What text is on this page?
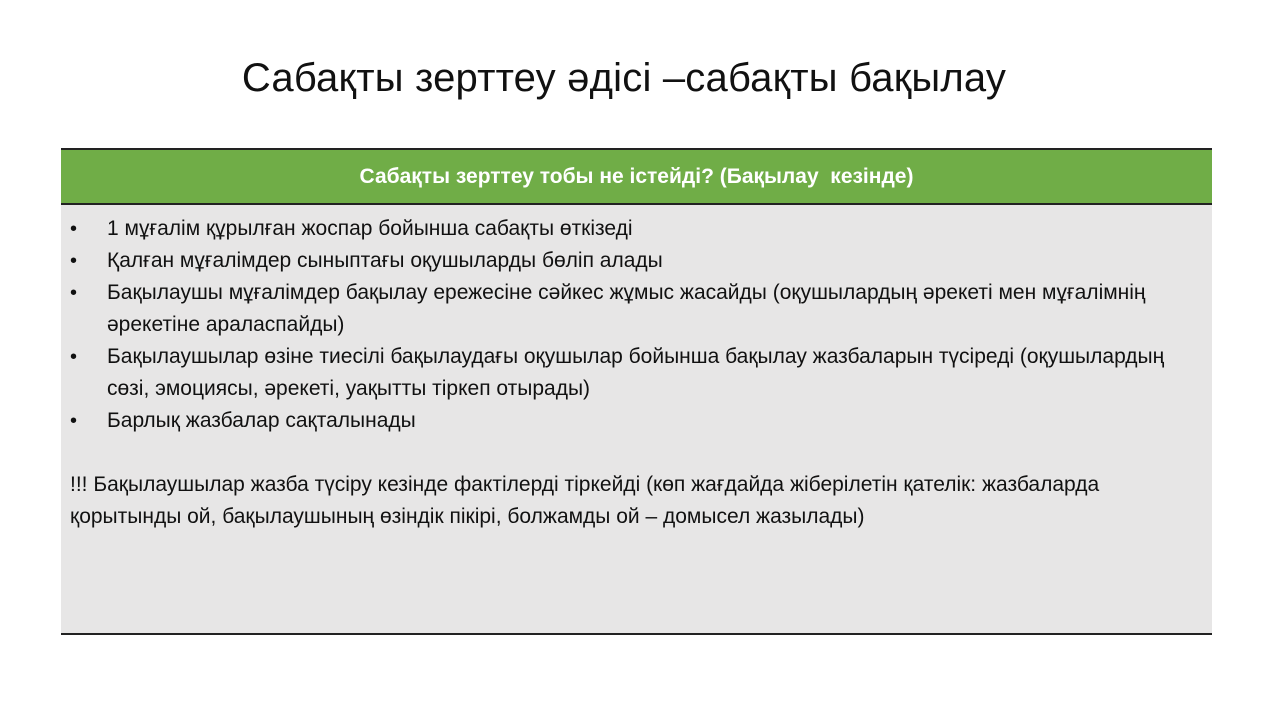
Сабақты зерттеу әдісі –сабақты бақылау
Сабақты зерттеу тобы не істейді? (Бақылау  кезінде)
• 1 мұғалім құрылған жоспар бойынша сабақты өткізеді
• Қалған мұғалімдер сыныптағы оқушыларды бөліп алады
• Бақылаушы мұғалімдер бақылау ережесіне сәйкес жұмыс жасайды (оқушылардың әрекеті мен мұғалімнің әрекетіне араласпайды)
• Бақылаушылар өзіне тиесілі бақылаудағы оқушылар бойынша бақылау жазбаларын түсіреді (оқушылардың сөзі, эмоциясы, әрекеті, уақытты тіркеп отырады)
• Барлық жазбалар сақталынады
!!! Бақылаушылар жазба түсіру кезінде фактілерді тіркейді (көп жағдайда жіберілетін қателік: жазбаларда қорытынды ой, бақылаушының өзіндік пікірі, болжамды ой – домысел жазылады)
